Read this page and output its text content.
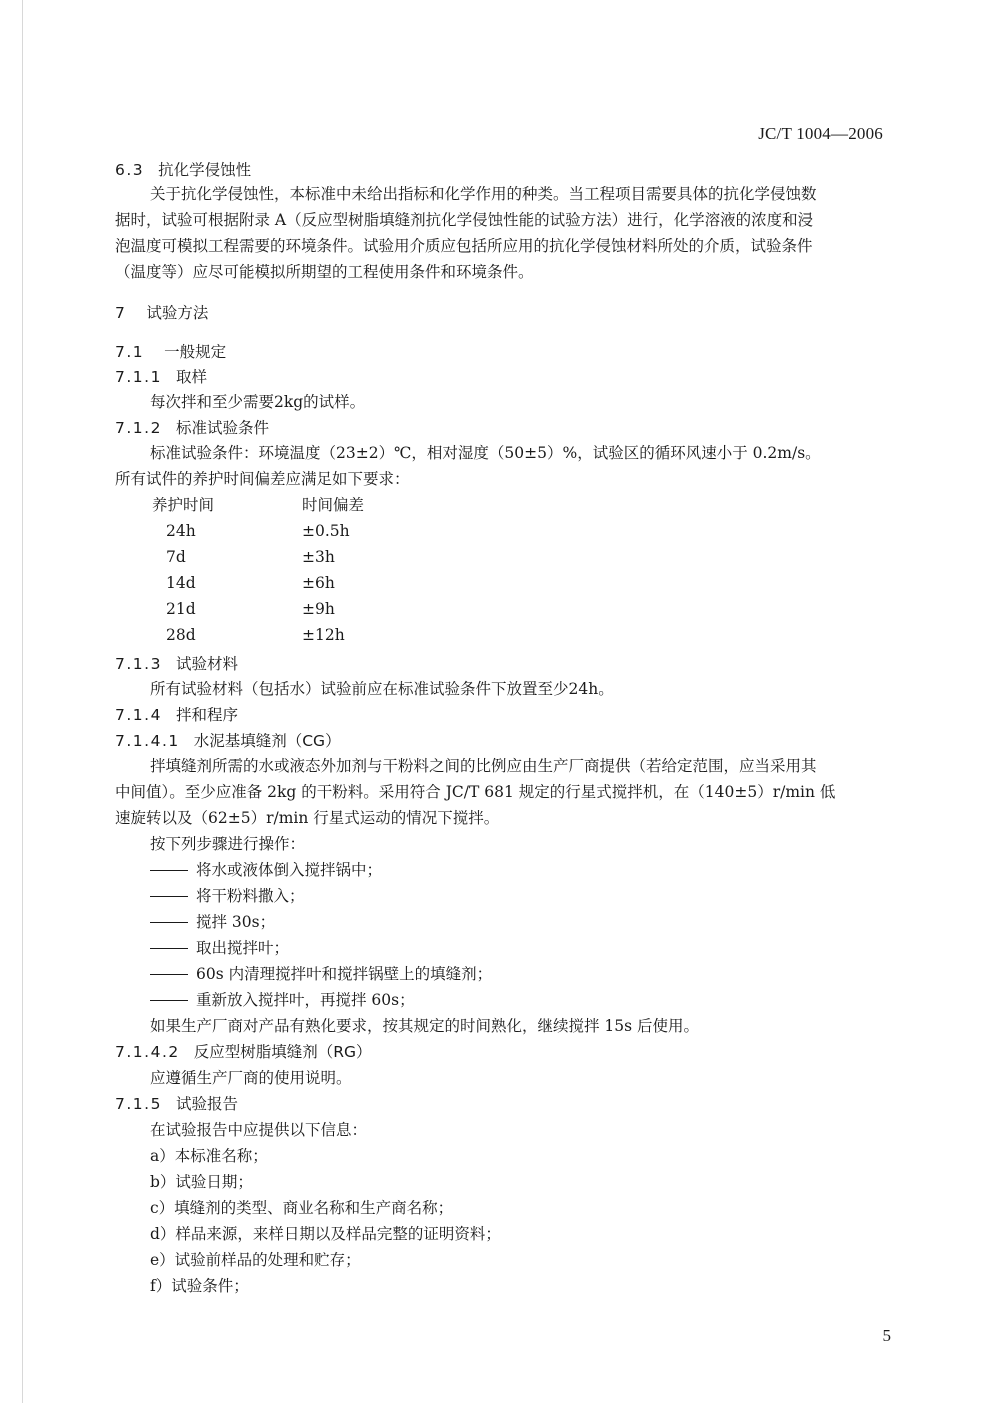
JC/T 1004—2006
6.3 抗化学侵蚀性
关于抗化学侵蚀性，本标准中未给出指标和化学作用的种类。当工程项目需要具体的抗化学侵蚀数
据时，试验可根据附录 A（反应型树脂填缝剂抗化学侵蚀性能的试验方法）进行，化学溶液的浓度和浸
泡温度可模拟工程需要的环境条件。试验用介质应包括所应用的抗化学侵蚀材料所处的介质，试验条件
（温度等）应尽可能模拟所期望的工程使用条件和环境条件。
7 试验方法
7.1 一般规定
7.1.1 取样
每次拌和至少需要2kg的试样。
7.1.2 标准试验条件
标准试验条件：环境温度（23±2）℃，相对湿度（50±5）%，试验区的循环风速小于 0.2m/s。
所有试件的养护时间偏差应满足如下要求：
养护时间	时间偏差
24h	±0.5h
7d	±3h
14d	±6h
21d	±9h
28d	±12h
7.1.3 试验材料
所有试验材料（包括水）试验前应在标准试验条件下放置至少24h。
7.1.4 拌和程序
7.1.4.1 水泥基填缝剂（CG）
拌填缝剂所需的水或液态外加剂与干粉料之间的比例应由生产厂商提供（若给定范围，应当采用其
中间值）。至少应准备 2kg 的干粉料。采用符合 JC/T 681 规定的行星式搅拌机，在（140±5）r/min 低
速旋转以及（62±5）r/min 行星式运动的情况下搅拌。
按下列步骤进行操作：
将水或液体倒入搅拌锅中；
将干粉料撒入；
搅拌 30s；
取出搅拌叶；
60s 内清理搅拌叶和搅拌锅壁上的填缝剂；
重新放入搅拌叶，再搅拌 60s；
如果生产厂商对产品有熟化要求，按其规定的时间熟化，继续搅拌 15s 后使用。
7.1.4.2 反应型树脂填缝剂（RG）
应遵循生产厂商的使用说明。
7.1.5 试验报告
在试验报告中应提供以下信息：
a）本标准名称；
b）试验日期；
c）填缝剂的类型、商业名称和生产商名称；
d）样品来源，来样日期以及样品完整的证明资料；
e）试验前样品的处理和贮存；
f）试验条件；
5
